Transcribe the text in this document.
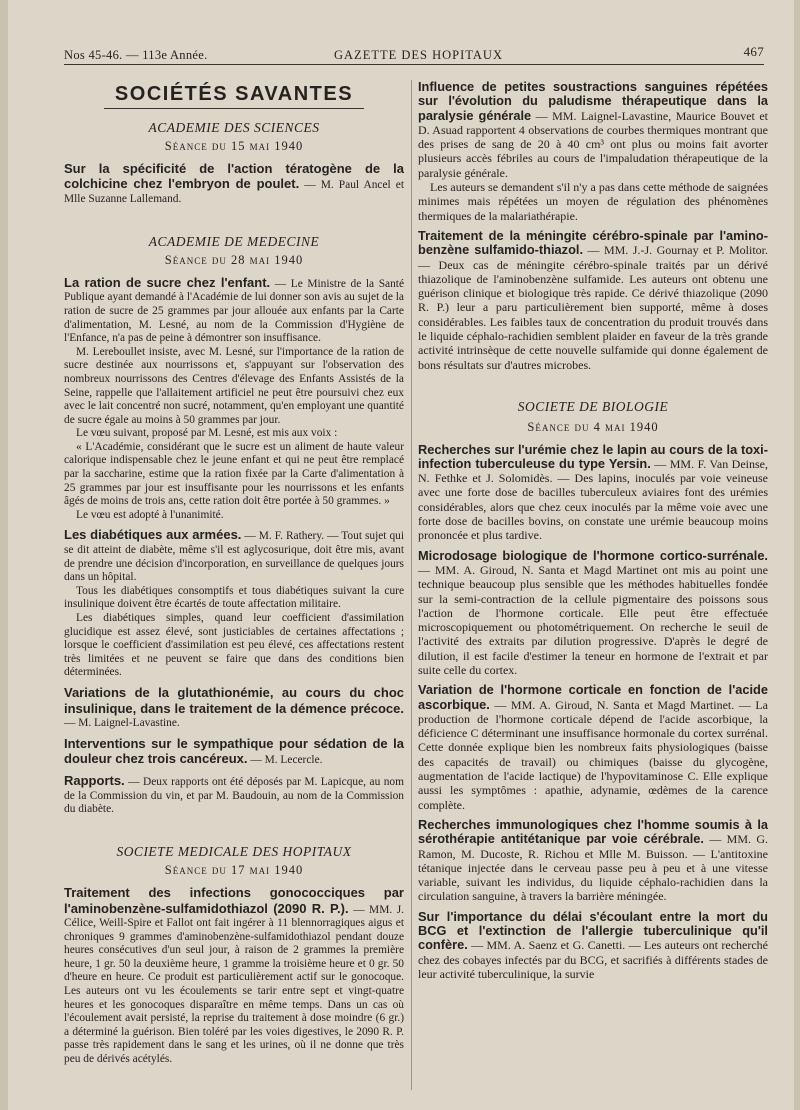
Nos 45-46. — 113e Année.	GAZETTE DES HOPITAUX	467
SOCIÉTÉS SAVANTES
ACADEMIE DES SCIENCES
Séance du 15 mai 1940
Sur la spécificité de l'action tératogène de la colchicine chez l'embryon de poulet. — M. Paul Ancel et Mlle Suzanne Lallemand.
ACADEMIE DE MEDECINE
Séance du 28 mai 1940

La ration de sucre chez l'enfant. — Le Ministre de la Santé Publique ayant demandé à l'Académie de lui donner son avis au sujet de la ration de sucre de 25 grammes par jour allouée aux enfants par la Carte d'alimentation, M. Lesné, au nom de la Commission d'Hygiène de l'Enfance, n'a pas de peine à démontrer son insuffisance.

M. Lereboullet insiste, avec M. Lesné, sur l'importance de la ration de sucre destinée aux nourrissons et, s'appuyant sur l'observation des nombreux nourrissons des Centres d'élevage des Enfants Assistés de la Seine, rappelle que l'allaitement artificiel ne peut être poursuivi chez eux avec le lait concentré non sucré, notamment, qu'en employant une quantité de sucre égale au moins à 50 grammes par jour.

Le vœu suivant, proposé par M. Lesné, est mis aux voix :

« L'Académie, considérant que le sucre est un aliment de haute valeur calorique indispensable chez le jeune enfant et qui ne peut être remplacé par la saccharine, estime que la ration fixée par la Carte d'alimentation à 25 grammes par jour est insuffisante pour les nourrissons et les enfants âgés de moins de trois ans, cette ration doit être portée à 50 grammes. »

Le vœu est adopté à l'unanimité.

Les diabétiques aux armées. — M. F. Rathery. — Tout sujet qui se dit atteint de diabète, même s'il est aglycosurique, doit être mis, avant de prendre une décision d'incorporation, en surveillance de quelques jours dans un hôpital.

Tous les diabétiques consomptifs et tous diabétiques suivant la cure insulinique doivent être écartés de toute affectation militaire.

Les diabétiques simples, quand leur coefficient d'assimilation glucidique est assez élevé, sont justiciables de certaines affectations ; lorsque le coefficient d'assimilation est peu élevé, ces affectations restent très limitées et ne peuvent se faire que dans des conditions bien déterminées.

Variations de la glutathionémie, au cours du choc insulinique, dans le traitement de la démence précoce. — M. Laignel-Lavastine.
Interventions sur le sympathique pour sédation de la douleur chez trois cancéreux. — M. Lecercle.
Rapports. — Deux rapports ont été déposés par M. Lapicque, au nom de la Commission du vin, et par M. Baudouin, au nom de la Commission du diabète.
SOCIETE MEDICALE DES HOPITAUX
Séance du 17 mai 1940
Traitement des infections gonococciques par l'aminobenzène-sulfamidothiazol (2090 R. P.). — MM. J. Célice, Weill-Spire et Fallot ont fait ingérer à 11 blennorragiques aigus et chroniques 9 grammes d'aminobenzène-sulfamidothiazol pendant douze heures consécutives d'un seul jour, à raison de 2 grammes la première heure, 1 gr. 50 la deuxième heure, 1 gramme la troisième heure et 0 gr. 50 d'heure en heure. Ce produit est particulièrement actif sur le gonocoque. Les auteurs ont vu les écoulements se tarir entre sept et vingt-quatre heures et les gonocoques disparaître en même temps. Dans un cas où l'écoulement avait persisté, la reprise du traitement à dose moindre (6 gr.) a déterminé la guérison. Bien toléré par les voies digestives, le 2090 R. P. passe très rapidement dans le sang et les urines, où il ne donne que très peu de dérivés acétylés.

Influence de petites soustractions sanguines répétées sur l'évolution du paludisme thérapeutique dans la paralysie générale — MM. Laignel-Lavastine, Maurice Bouvet et D. Asuad rapportent 4 observations de courbes thermiques montrant que des prises de sang de 20 à 40 cm³ ont plus ou moins fait avorter plusieurs accès fébriles au cours de l'impaludation thérapeutique de la paralysie générale.

Les auteurs se demandent s'il n'y a pas dans cette méthode de saignées minimes mais répétées un moyen de régulation des phénomènes thermiques de la malariathérapie.

Traitement de la méningite cérébro-spinale par l'amino-benzène sulfamido-thiazol. — MM. J.-J. Gournay et P. Molitor. — Deux cas de méningite cérébro-spinale traités par un dérivé thiazolique de l'aminobenzène sulfamide. Les auteurs ont obtenu une guérison clinique et biologique très rapide. Ce dérivé thiazolique (2090 R. P.) leur a paru particulièrement bien supporté, même à doses considérables. Les faibles taux de concentration du produit trouvés dans le liquide céphalo-rachidien semblent plaider en faveur de la très grande activité intrinsèque de cette nouvelle sulfamide qui donne également de bons résultats sur d'autres microbes.
SOCIETE DE BIOLOGIE
Séance du 4 mai 1940
Recherches sur l'urémie chez le lapin au cours de la toxi-infection tuberculeuse du type Yersin. — MM. F. Van Deinse, N. Fethke et J. Solomidès. — Des lapins, inoculés par voie veineuse avec une forte dose de bacilles tuberculeux aviaires font des urémies considérables, alors que chez ceux inoculés par la même voie avec une forte dose de bacilles bovins, on constate une urémie beaucoup moins prononcée et plus tardive.
Microdosage biologique de l'hormone cortico-surrénale. — MM. A. Giroud, N. Santa et Magd Martinet ont mis au point une technique beaucoup plus sensible que les méthodes habituelles fondée sur la semi-contraction de la cellule pigmentaire des poissons sous l'action de l'hormone corticale. Elle peut être effectuée microscopiquement ou photométriquement. On recherche le seuil de l'activité des extraits par dilution progressive. D'après le degré de dilution, il est facile d'estimer la teneur en hormone de l'extrait et par suite celle du cortex.
Variation de l'hormone corticale en fonction de l'acide ascorbique. — MM. A. Giroud, N. Santa et Magd Martinet. — La production de l'hormone corticale dépend de l'acide ascorbique, la déficience C déterminant une insuffisance hormonale du cortex surrénal. Cette donnée explique bien les nombreux faits physiologiques (baisse des capacités de travail) ou chimiques (baisse du glycogène, augmentation de l'acide lactique) de l'hypovitaminose C. Elle explique aussi les symptômes : apathie, adynamie, œdèmes de la carence complète.
Recherches immunologiques chez l'homme soumis à la sérothérapie antitétanique par voie cérébrale. — MM. G. Ramon, M. Ducoste, R. Richou et Mlle M. Buisson. — L'antitoxine tétanique injectée dans le cerveau passe peu à peu et à une vitesse variable, suivant les individus, du liquide céphalo-rachidien dans la circulation sanguine, à travers la barrière méningée.
Sur l'importance du délai s'écoulant entre la mort du BCG et l'extinction de l'allergie tuberculinique qu'il confère. — MM. A. Saenz et G. Canetti. — Les auteurs ont recherché chez des cobayes infectés par du BCG, et sacrifiés à différents stades de leur activité tuberculinique, la survie
